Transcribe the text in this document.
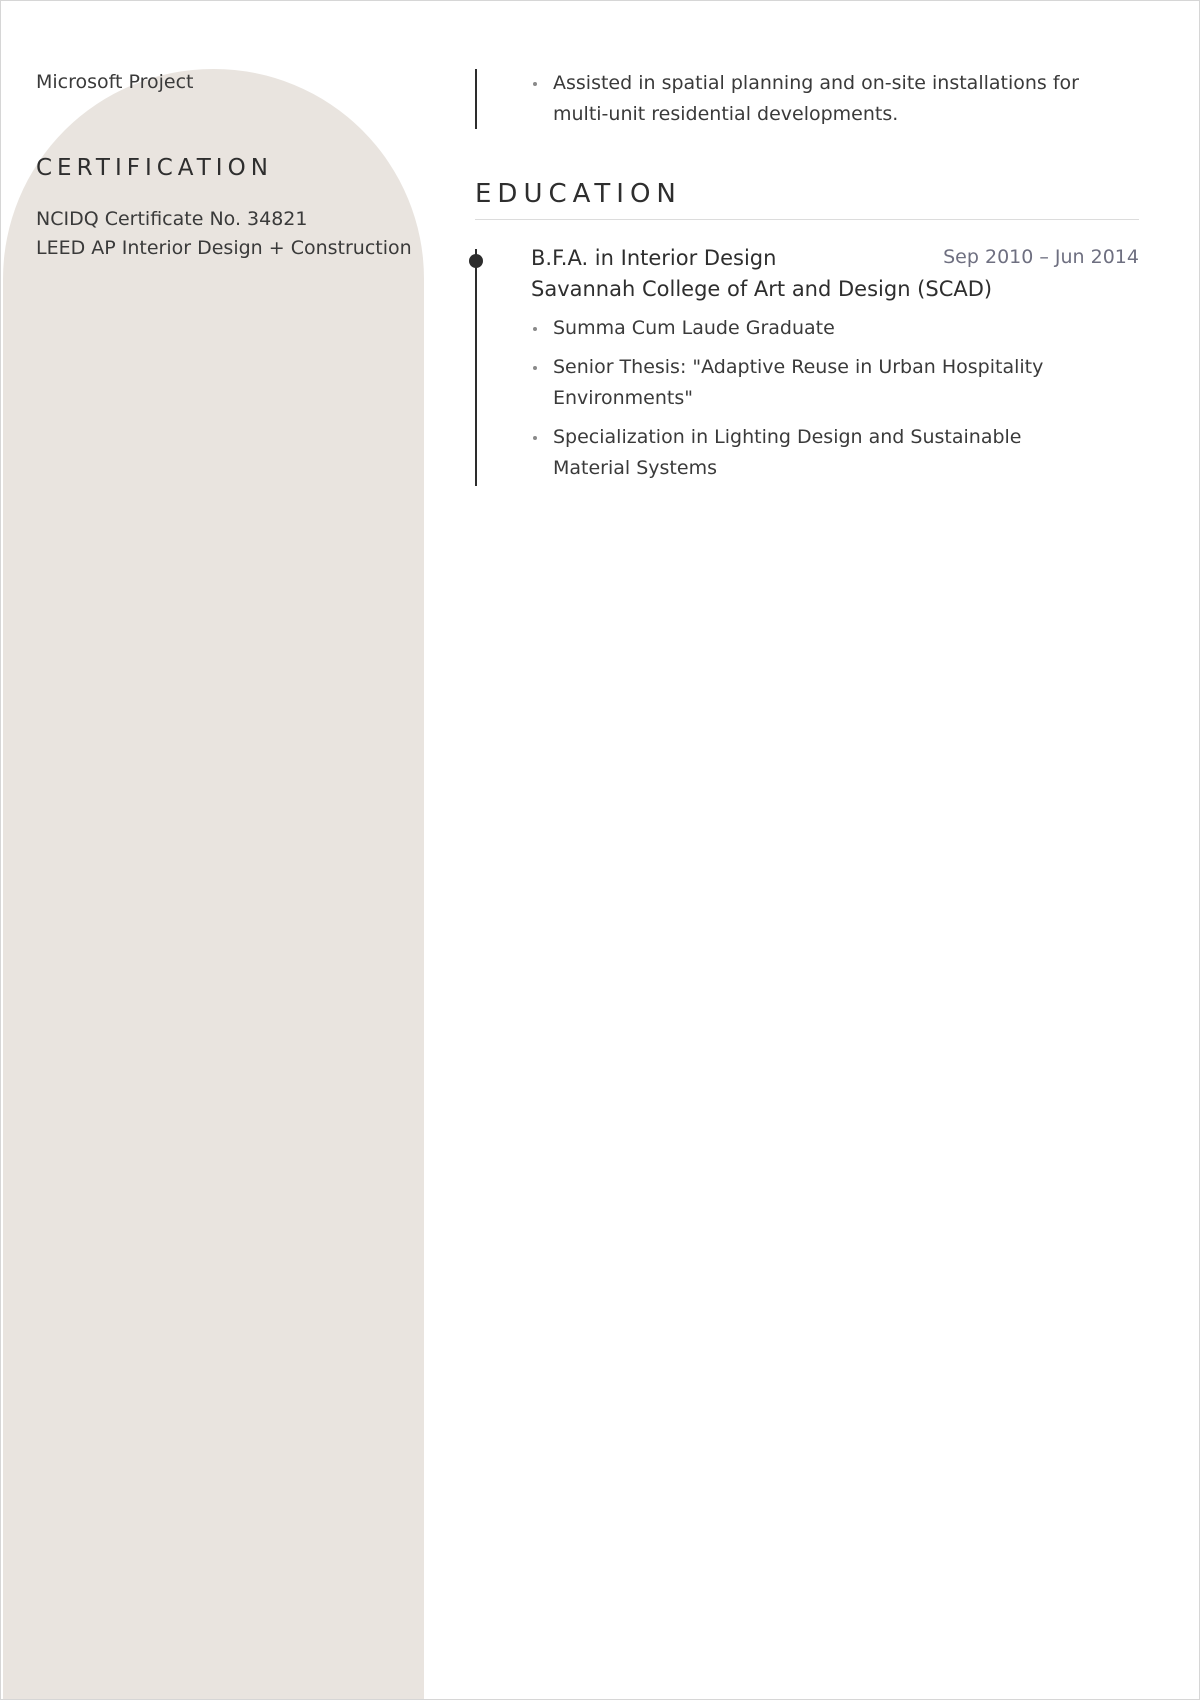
Microsoft Project
CERTIFICATION
NCIDQ Certificate No. 34821
LEED AP Interior Design + Construction
Assisted in spatial planning and on-site installations for multi-unit residential developments.
EDUCATION
B.F.A. in Interior Design	Sep 2010 – Jun 2014
Savannah College of Art and Design (SCAD)
Summa Cum Laude Graduate
Senior Thesis: "Adaptive Reuse in Urban Hospitality Environments"
Specialization in Lighting Design and Sustainable Material Systems
